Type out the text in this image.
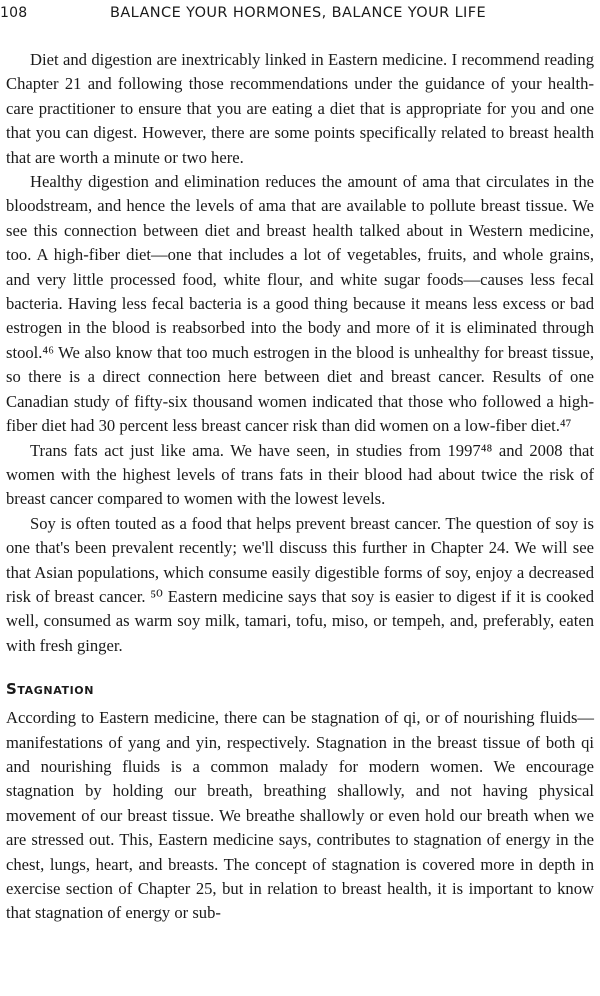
108	BALANCE YOUR HORMONES, BALANCE YOUR LIFE

Diet and digestion are inextricably linked in Eastern medicine. I recommend reading Chapter 21 and following those recommendations under the guidance of your health-care practitioner to ensure that you are eating a diet that is appropriate for you and one that you can digest. However, there are some points specifically related to breast health that are worth a minute or two here.

Healthy digestion and elimination reduces the amount of ama that circulates in the bloodstream, and hence the levels of ama that are available to pollute breast tissue. We see this connection between diet and breast health talked about in Western medicine, too. A high-fiber diet—one that includes a lot of vegetables, fruits, and whole grains, and very little processed food, white flour, and white sugar foods—causes less fecal bacteria. Having less fecal bacteria is a good thing because it means less excess or bad estrogen in the blood is reabsorbed into the body and more of it is eliminated through stool.⁴⁶ We also know that too much estrogen in the blood is unhealthy for breast tissue, so there is a direct connection here between diet and breast cancer. Results of one Canadian study of fifty-six thousand women indicated that those who followed a high-fiber diet had 30 percent less breast cancer risk than did women on a low-fiber diet.⁴⁷

Trans fats act just like ama. We have seen, in studies from 1997⁴⁸ and 2008 that women with the highest levels of trans fats in their blood had about twice the risk of breast cancer compared to women with the lowest levels.

Soy is often touted as a food that helps prevent breast cancer. The question of soy is one that's been prevalent recently; we'll discuss this further in Chapter 24. We will see that Asian populations, which consume easily digestible forms of soy, enjoy a decreased risk of breast cancer. ⁵⁰ Eastern medicine says that soy is easier to digest if it is cooked well, consumed as warm soy milk, tamari, tofu, miso, or tempeh, and, preferably, eaten with fresh ginger.

Stagnation

According to Eastern medicine, there can be stagnation of qi, or of nourishing fluids—manifestations of yang and yin, respectively. Stagnation in the breast tissue of both qi and nourishing fluids is a common malady for modern women. We encourage stagnation by holding our breath, breathing shallowly, and not having physical movement of our breast tissue. We breathe shallowly or even hold our breath when we are stressed out. This, Eastern medicine says, contributes to stagnation of energy in the chest, lungs, heart, and breasts. The concept of stagnation is covered more in depth in exercise section of Chapter 25, but in relation to breast health, it is important to know that stagnation of energy or sub-
